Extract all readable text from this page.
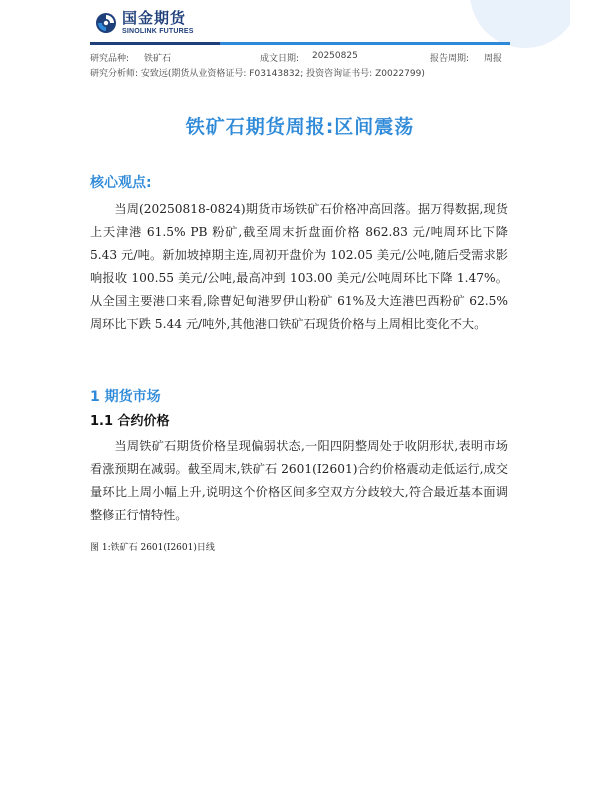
国金期货
SINOLINK FUTURES
研究品种: 铁矿石	成文日期: 20250825	报告周期: 周报
研究分析师: 安致远(期货从业资格证号: F03143832; 投资咨询证书号: Z0022799)
铁矿石期货周报:区间震荡
核心观点:

当周(20250818-0824)期货市场铁矿石价格冲高回落。据万得数据,现货上天津港 61.5% PB 粉矿,截至周末折盘面价格 862.83 元/吨周环比下降 5.43 元/吨。新加坡掉期主连,周初开盘价为 102.05 美元/公吨,随后受需求影响报收 100.55 美元/公吨,最高冲到 103.00 美元/公吨周环比下降 1.47%。从全国主要港口来看,除曹妃甸港罗伊山粉矿 61%及大连港巴西粉矿 62.5%周环比下跌 5.44 元/吨外,其他港口铁矿石现货价格与上周相比变化不大。

1 期货市场
1.1 合约价格

当周铁矿石期货价格呈现偏弱状态,一阳四阴整周处于收阴形状,表明市场看涨预期在减弱。截至周末,铁矿石 2601(I2601)合约价格震动走低运行,成交量环比上周小幅上升,说明这个价格区间多空双方分歧较大,符合最近基本面调整修正行情特性。

图 1:铁矿石 2601(I2601)日线
